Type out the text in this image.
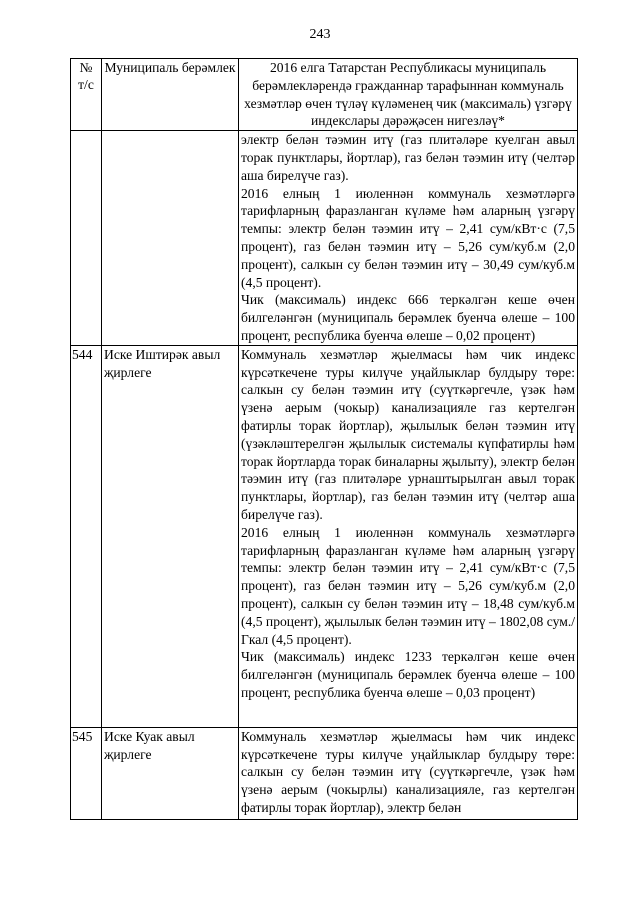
243
№ т/с	Муниципаль берәмлек	2016 елга Татарстан Республикасы муниципаль берәмлекләрендә гражданнар тарафыннан коммуналь хезмәтләр өчен түләү күләменең чик (максималь) үзгәрү индекслары дәрәҗәсен нигезләү*

		электр белән тәэмин итү (газ плитәләре куелган авыл торак пунктлары, йортлар), газ белән тәэмин итү (челтәр аша бирелүче газ).

2016 елның 1 июленнән коммуналь хезмәтләргә тарифларның фаразланган күләме һәм аларның үзгәрү темпы: электр белән тәэмин итү – 2,41 сум/кВт·с (7,5 процент), газ белән тәэмин итү – 5,26 сум/куб.м (2,0 процент), салкын су белән тәэмин итү – 30,49 сум/куб.м (4,5 процент).

Чик (максималь) индекс 666 теркәлгән кеше өчен билгеләнгән (муниципаль берәмлек буенча өлеше – 100 процент, республика буенча өлеше – 0,02 процент)

544	Иске Иштирәк авыл җирлеге	Коммуналь хезмәтләр җыелмасы һәм чик индекс күрсәткечене туры килүче уңайлыклар булдыру төре: салкын су белән тәэмин итү (суүткәргечле, үзәк һәм үзенә аерым (чокыр) канализацияле газ кертелгән фатирлы торак йортлар), җылылык белән тәэмин итү (үзәкләштерелгән җылылык системалы күпфатирлы һәм торак йортларда торак биналарны җылыту), электр белән тәэмин итү (газ плитәләре урнаштырылган авыл торак пунктлары, йортлар), газ белән тәэмин итү (челтәр аша бирелүче газ).

2016 елның 1 июленнән коммуналь хезмәтләргә тарифларның фаразланган күләме һәм аларның үзгәрү темпы: электр белән тәэмин итү – 2,41 сум/кВт·с (7,5 процент), газ белән тәэмин итү – 5,26 сум/куб.м (2,0 процент), салкын су белән тәэмин итү – 18,48 сум/куб.м (4,5 процент), җылылык белән тәэмин итү – 1802,08 сум./Гкал (4,5 процент).

Чик (максималь) индекс 1233 теркәлгән кеше өчен билгеләнгән (муниципаль берәмлек буенча өлеше – 100 процент, республика буенча өлеше – 0,03 процент)

545	Иске Куак авыл җирлеге	Коммуналь хезмәтләр җыелмасы һәм чик индекс күрсәткечене туры килүче уңайлыклар булдыру төре: салкын су белән тәэмин итү (суүткәргечле, үзәк һәм үзенә аерым (чокырлы) канализацияле, газ кертелгән фатирлы торак йортлар), электр белән
